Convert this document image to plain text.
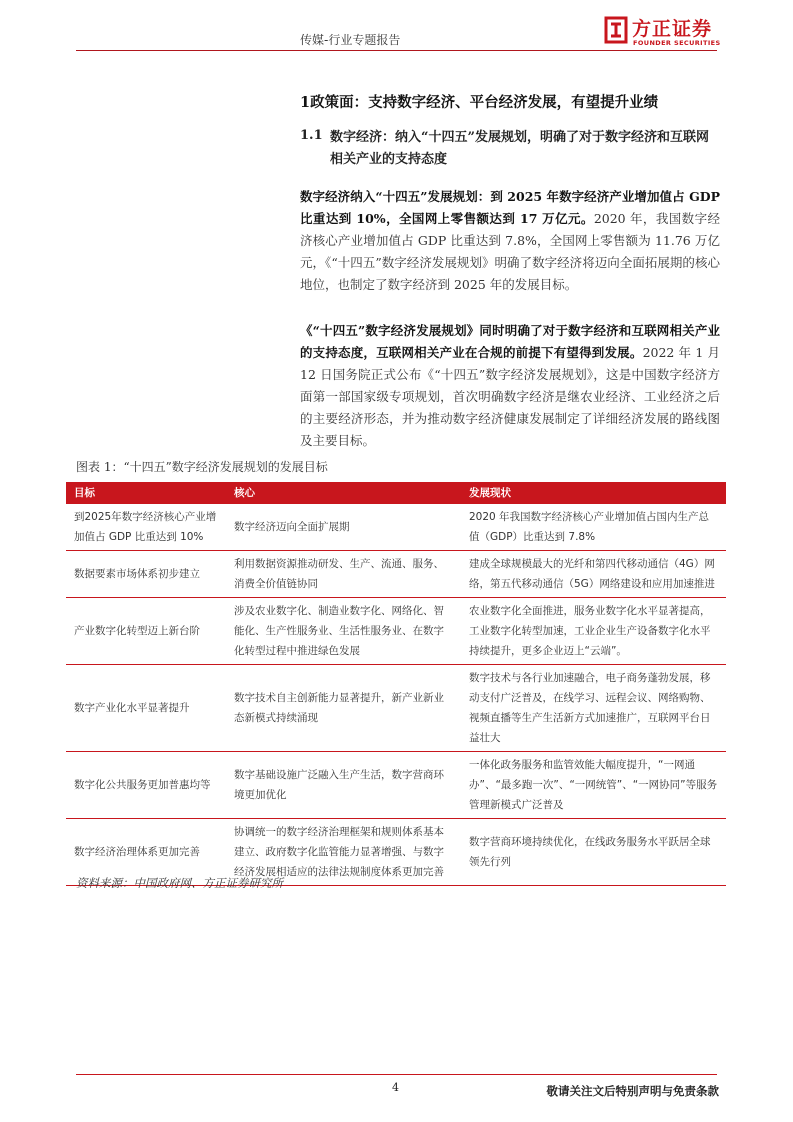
传媒-行业专题报告	方正证券
FOUNDER SECURITIES
1政策面：支持数字经济、平台经济发展，有望提升业绩
1.1 数字经济：纳入“十四五”发展规划，明确了对于数字经济和互联网相关产业的支持态度
数字经济纳入“十四五”发展规划：到 2025 年数字经济产业增加值占 GDP 比重达到 10%，全国网上零售额达到 17 万亿元。2020 年，我国数字经济核心产业增加值占 GDP 比重达到 7.8%，全国网上零售额为 11.76 万亿元，《“十四五”数字经济发展规划》明确了数字经济将迈向全面拓展期的核心地位，也制定了数字经济到 2025 年的发展目标。
《“十四五”数字经济发展规划》同时明确了对于数字经济和互联网相关产业的支持态度，互联网相关产业在合规的前提下有望得到发展。2022 年 1 月 12 日国务院正式公布《“十四五”数字经济发展规划》，这是中国数字经济方面第一部国家级专项规划，首次明确数字经济是继农业经济、工业经济之后的主要经济形态，并为推动数字经济健康发展制定了详细经济发展的路线图及主要目标。
图表 1：“十四五”数字经济发展规划的发展目标
目标	核心	发展现状
到2025年数字经济核心产业增加值占 GDP 比重达到 10%	数字经济迈向全面扩展期	2020 年我国数字经济核心产业增加值占国内生产总值（GDP）比重达到 7.8%
数据要素市场体系初步建立	利用数据资源推动研发、生产、流通、服务、消费全价值链协同	建成全球规模最大的光纤和第四代移动通信（4G）网络，第五代移动通信（5G）网络建设和应用加速推进
产业数字化转型迈上新台阶	涉及农业数字化、制造业数字化、网络化、智能化、生产性服务业、生活性服务业、在数字化转型过程中推进绿色发展	农业数字化全面推进，服务业数字化水平显著提高，工业数字化转型加速，工业企业生产设备数字化水平持续提升，更多企业迈上“云端”。
数字产业化水平显著提升	数字技术自主创新能力显著提升，新产业新业态新模式持续涌现	数字技术与各行业加速融合，电子商务蓬勃发展，移动支付广泛普及，在线学习、远程会议、网络购物、视频直播等生产生活新方式加速推广，互联网平台日益壮大
数字化公共服务更加普惠均等	数字基础设施广泛融入生产生活，数字营商环境更加优化	一体化政务服务和监管效能大幅度提升，“一网通办”、“最多跑一次”、“一网统管”、“一网协同”等服务管理新模式广泛普及
数字经济治理体系更加完善	协调统一的数字经济治理框架和规则体系基本建立、政府数字化监管能力显著增强、与数字经济发展相适应的法律法规制度体系更加完善	数字营商环境持续优化，在线政务服务水平跃居全球领先行列
资料来源：中国政府网、方正证券研究所
4	敬请关注文后特别声明与免责条款
